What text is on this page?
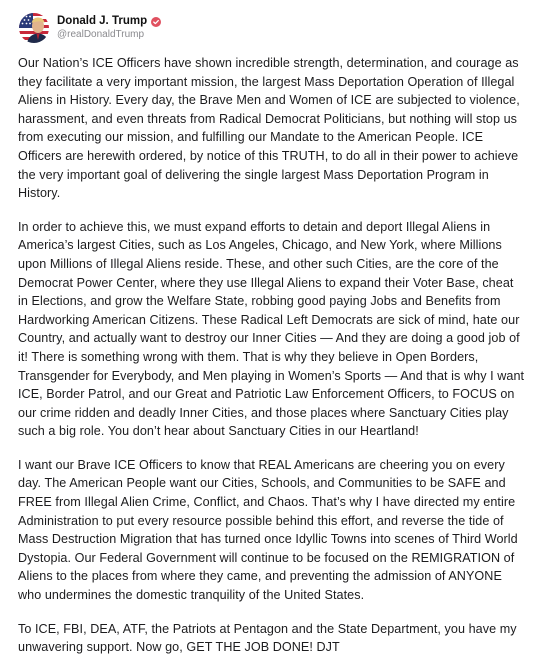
Donald J. Trump
@realDonaldTrump

Our Nation’s ICE Officers have shown incredible strength, determination, and courage as they facilitate a very important mission, the largest Mass Deportation Operation of Illegal Aliens in History. Every day, the Brave Men and Women of ICE are subjected to violence, harassment, and even threats from Radical Democrat Politicians, but nothing will stop us from executing our mission, and fulfilling our Mandate to the American People. ICE Officers are herewith ordered, by notice of this TRUTH, to do all in their power to achieve the very important goal of delivering the single largest Mass Deportation Program in History.

In order to achieve this, we must expand efforts to detain and deport Illegal Aliens in America’s largest Cities, such as Los Angeles, Chicago, and New York, where Millions upon Millions of Illegal Aliens reside. These, and other such Cities, are the core of the Democrat Power Center, where they use Illegal Aliens to expand their Voter Base, cheat in Elections, and grow the Welfare State, robbing good paying Jobs and Benefits from Hardworking American Citizens. These Radical Left Democrats are sick of mind, hate our Country, and actually want to destroy our Inner Cities — And they are doing a good job of it! There is something wrong with them. That is why they believe in Open Borders, Transgender for Everybody, and Men playing in Women’s Sports — And that is why I want ICE, Border Patrol, and our Great and Patriotic Law Enforcement Officers, to FOCUS on our crime ridden and deadly Inner Cities, and those places where Sanctuary Cities play such a big role. You don’t hear about Sanctuary Cities in our Heartland!

I want our Brave ICE Officers to know that REAL Americans are cheering you on every day. The American People want our Cities, Schools, and Communities to be SAFE and FREE from Illegal Alien Crime, Conflict, and Chaos. That’s why I have directed my entire Administration to put every resource possible behind this effort, and reverse the tide of Mass Destruction Migration that has turned once Idyllic Towns into scenes of Third World Dystopia. Our Federal Government will continue to be focused on the REMIGRATION of Aliens to the places from where they came, and preventing the admission of ANYONE who undermines the domestic tranquility of the United States.

To ICE, FBI, DEA, ATF, the Patriots at Pentagon and the State Department, you have my unwavering support. Now go, GET THE JOB DONE! DJT
